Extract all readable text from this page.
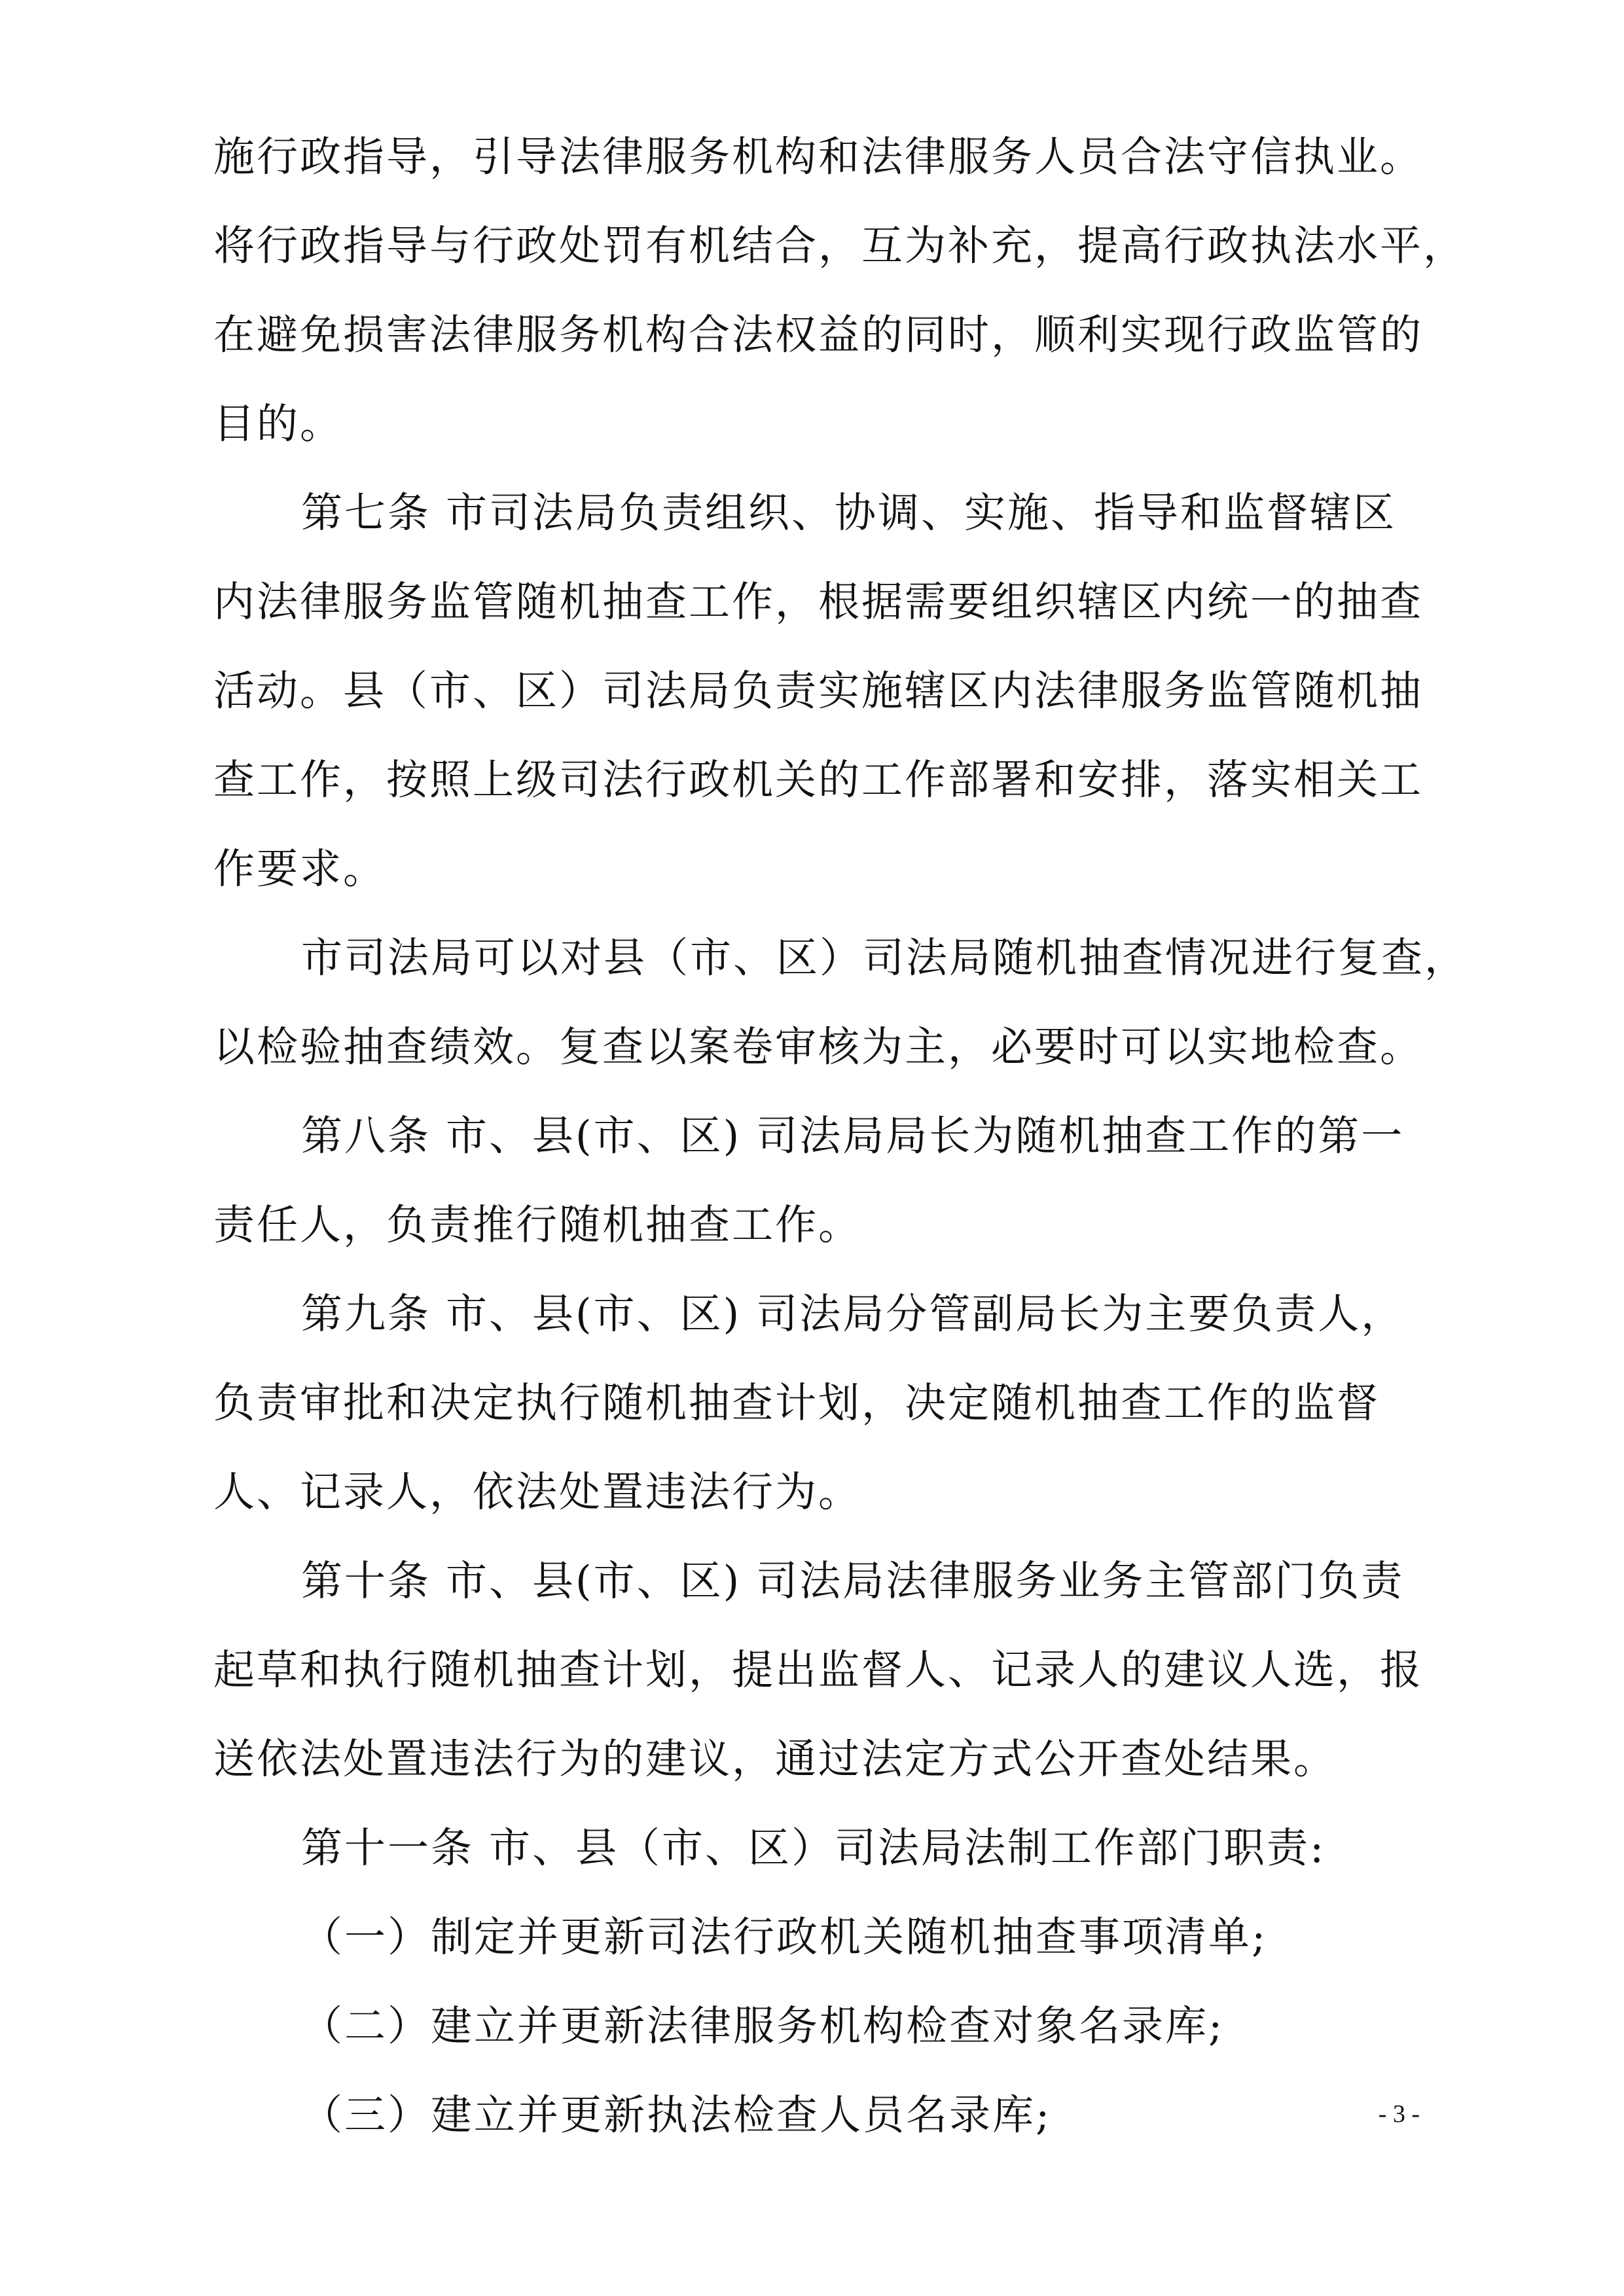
施行政指导，引导法律服务机构和法律服务人员合法守信执业。
将行政指导与行政处罚有机结合，互为补充，提高行政执法水平，
在避免损害法律服务机构合法权益的同时，顺利实现行政监管的
目的。
第七条 市司法局负责组织、协调、实施、指导和监督辖区
内法律服务监管随机抽查工作，根据需要组织辖区内统一的抽查
活动。县（市、区）司法局负责实施辖区内法律服务监管随机抽
查工作，按照上级司法行政机关的工作部署和安排，落实相关工
作要求。
市司法局可以对县（市、区）司法局随机抽查情况进行复查，
以检验抽查绩效。复查以案卷审核为主，必要时可以实地检查。
第八条 市、县(市、区) 司法局局长为随机抽查工作的第一
责任人，负责推行随机抽查工作。
第九条 市、县(市、区) 司法局分管副局长为主要负责人，
负责审批和决定执行随机抽查计划，决定随机抽查工作的监督
人、记录人，依法处置违法行为。
第十条 市、县(市、区) 司法局法律服务业务主管部门负责
起草和执行随机抽查计划，提出监督人、记录人的建议人选，报
送依法处置违法行为的建议，通过法定方式公开查处结果。
第十一条 市、县（市、区）司法局法制工作部门职责:
（一）制定并更新司法行政机关随机抽查事项清单;
（二）建立并更新法律服务机构检查对象名录库;
（三）建立并更新执法检查人员名录库;	- 3 -
